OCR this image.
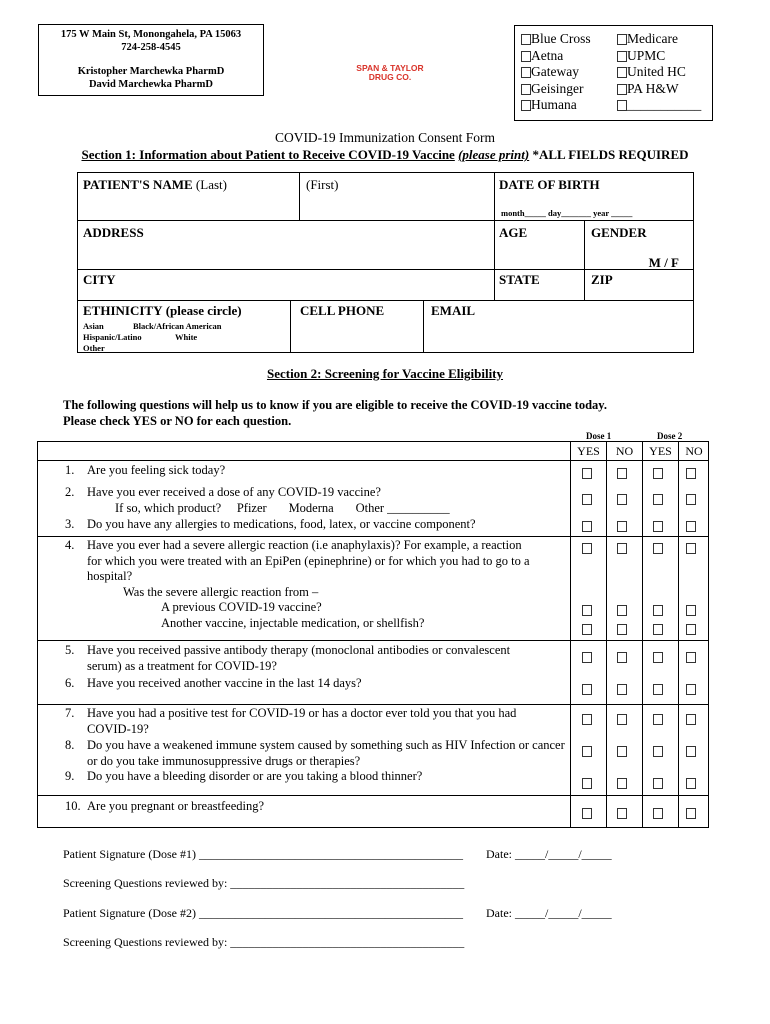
175 W Main St, Monongahela, PA 15063
724-258-4545
Kristopher Marchewka PharmD
David Marchewka PharmD
SPAN & TAYLOR
DRUG CO.
Blue Cross
Aetna
Gateway
Geisinger
Humana
Medicare
UPMC
United HC
PA H&W
___________
COVID-19 Immunization Consent Form
Section 1: Information about Patient to Receive COVID-19 Vaccine (please print) *ALL FIELDS REQUIRED
PATIENT'S NAME (Last)	(First)	DATE OF BIRTH
month_____ day_______ year _____
ADDRESS	AGE	GENDER
M / F
CITY	STATE	ZIP
ETHINICITY (please circle)
Asian	Black/African American
Hispanic/Latino	White
Other
CELL PHONE	EMAIL
Section 2: Screening for Vaccine Eligibility
The following questions will help us to know if you are eligible to receive the COVID-19 vaccine today.
Please check YES or NO for each question.
Dose 1	Dose 2
YES	NO	YES	NO
1. Are you feeling sick today?
2. Have you ever received a dose of any COVID-19 vaccine?
If so, which product?     Pfizer       Moderna       Other __________
3. Do you have any allergies to medications, food, latex, or vaccine component?
4.	Have you ever had a severe allergic reaction (i.e anaphylaxis)? For example, a reaction for which you were treated with an EpiPen (epinephrine) or for which you had to go to a hospital?
Was the severe allergic reaction from –
A previous COVID-19 vaccine?
Another vaccine, injectable medication, or shellfish?
5.	Have you received passive antibody therapy (monoclonal antibodies or convalescent serum) as a treatment for COVID-19?
6. Have you received another vaccine in the last 14 days?
7.	Have you had a positive test for COVID-19 or has a doctor ever told you that you had COVID-19?
8.	Do you have a weakened immune system caused by something such as HIV Infection or cancer or do you take immunosuppressive drugs or therapies?
9. Do you have a bleeding disorder or are you taking a blood thinner?
10. Are you pregnant or breastfeeding?
Patient Signature (Dose #1) ____________________________________________ Date: _____/_____/_____
Screening Questions reviewed by: _______________________________________
Patient Signature (Dose #2) ____________________________________________ Date: _____/_____/_____
Screening Questions reviewed by: _______________________________________
